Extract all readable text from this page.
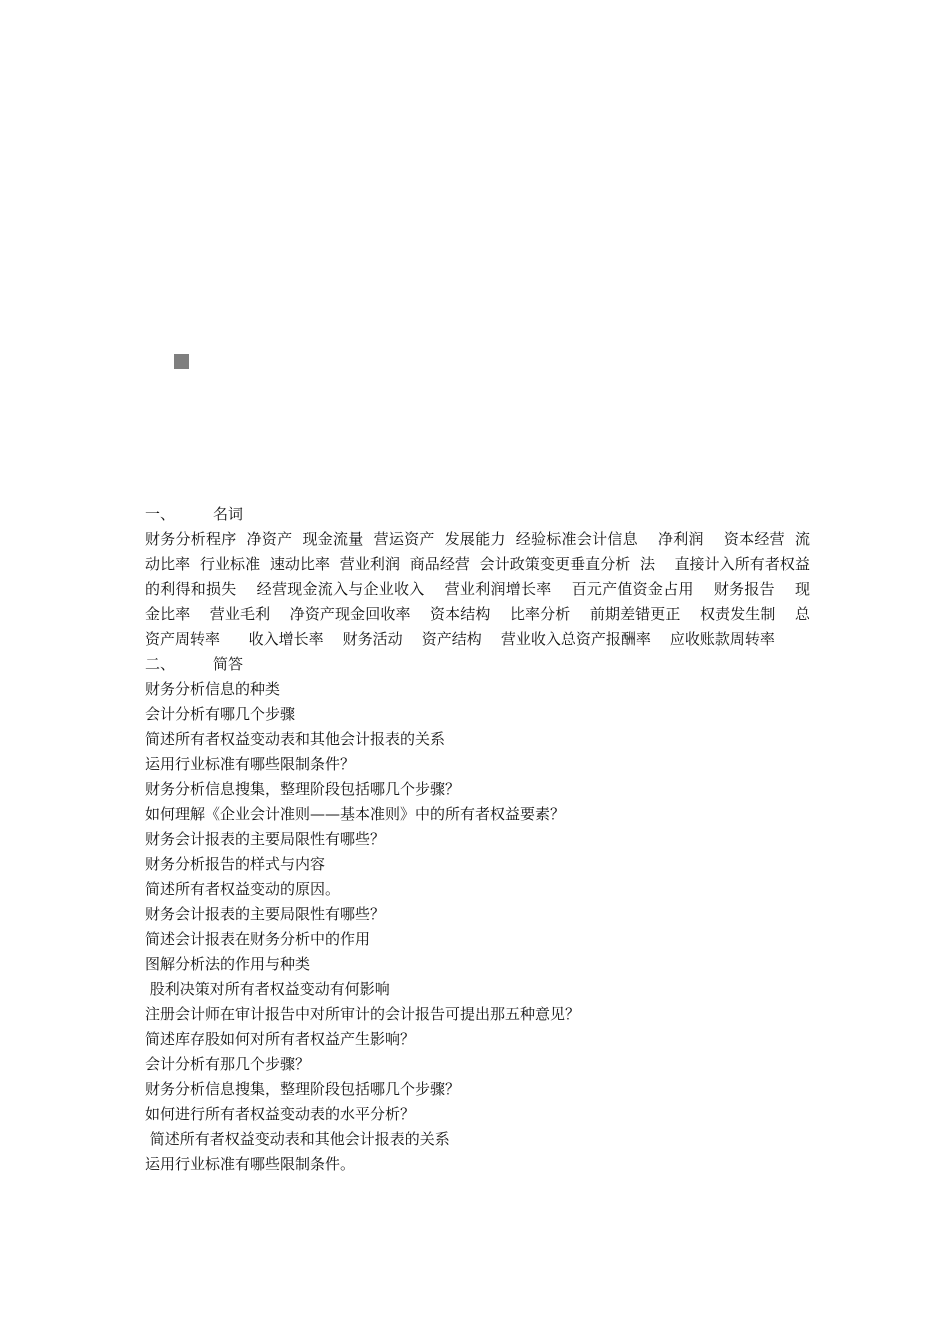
一、	名词
财务分析程序  净资产  现金流量  营运资产  发展能力  经验标准会计信息    净利润    资本经营  流动比率  行业标准  速动比率  营业利润  商品经营  会计政策变更垂直分析  法    直接计入所有者权益的利得和损失    经营现金流入与企业收入    营业利润增长率    百元产值资金占用    财务报告    现金比率    营业毛利    净资产现金回收率    资本结构    比率分析    前期差错更正    权责发生制    总资产周转率      收入增长率    财务活动    资产结构    营业收入总资产报酬率    应收账款周转率
二、	简答
财务分析信息的种类
会计分析有哪几个步骤
简述所有者权益变动表和其他会计报表的关系
运用行业标准有哪些限制条件？
财务分析信息搜集，整理阶段包括哪几个步骤？
如何理解《企业会计准则——基本准则》中的所有者权益要素？
财务会计报表的主要局限性有哪些？
财务分析报告的样式与内容
简述所有者权益变动的原因。
财务会计报表的主要局限性有哪些？
简述会计报表在财务分析中的作用
图解分析法的作用与种类
股利决策对所有者权益变动有何影响
注册会计师在审计报告中对所审计的会计报告可提出那五种意见？
简述库存股如何对所有者权益产生影响？
会计分析有那几个步骤？
财务分析信息搜集，整理阶段包括哪几个步骤？
如何进行所有者权益变动表的水平分析？
简述所有者权益变动表和其他会计报表的关系
运用行业标准有哪些限制条件。
